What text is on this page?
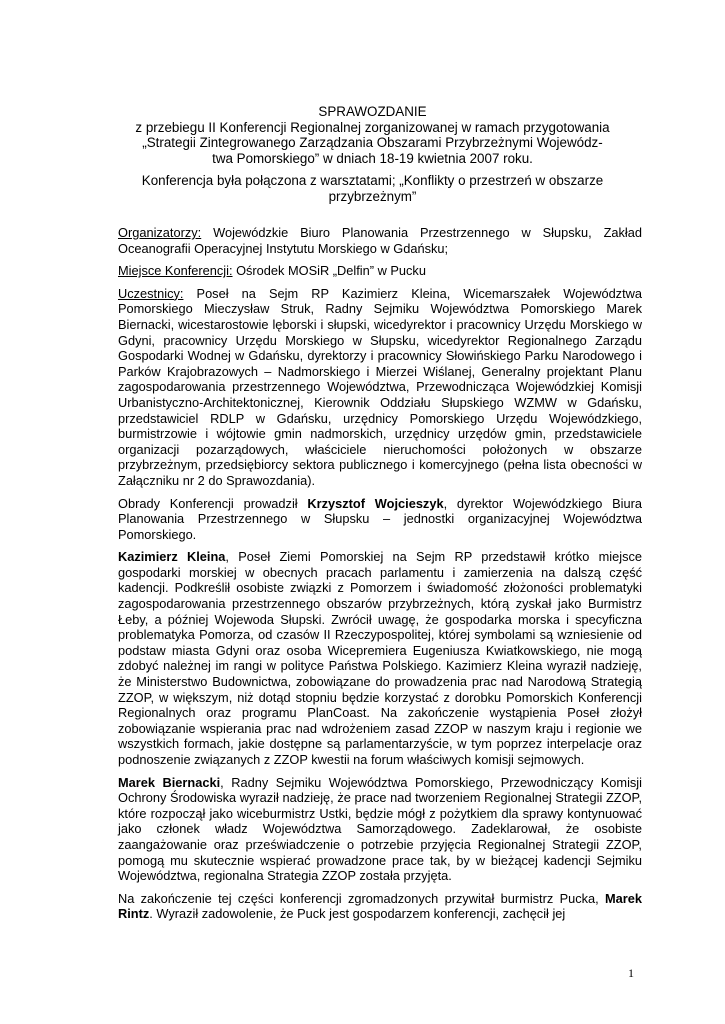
SPRAWOZDANIE

z przebiegu II Konferencji Regionalnej zorganizowanej w ramach przygotowania

„Strategii Zintegrowanego Zarządzania Obszarami Przybrzeżnymi Wojewódz-

twa Pomorskiego” w dniach 18-19 kwietnia 2007 roku.

Konferencja była połączona z warsztatami; „Konflikty o przestrzeń w obszarze

przybrzeżnym”

Organizatorzy: Wojewódzkie Biuro Planowania Przestrzennego w Słupsku, Zakład Oceanografii Operacyjnej Instytutu Morskiego w Gdańsku;

Miejsce Konferencji: Ośrodek MOSiR „Delfin” w Pucku

Uczestnicy: Poseł na Sejm RP Kazimierz Kleina, Wicemarszałek Województwa Pomorskiego Mieczysław Struk, Radny Sejmiku Województwa Pomorskiego Marek Biernacki, wicestarostowie lęborski i słupski, wicedyrektor i pracownicy Urzędu Morskiego w Gdyni, pracownicy Urzędu Morskiego w Słupsku, wicedyrektor Regionalnego Zarządu Gospodarki Wodnej w Gdańsku, dyrektorzy i pracownicy Słowińskiego Parku Narodowego i Parków Krajobrazowych – Nadmorskiego i Mierzei Wiślanej, Generalny projektant Planu zagospodarowania przestrzennego Województwa, Przewodnicząca Wojewódzkiej Komisji Urbanistyczno-Architektonicznej, Kierownik Oddziału Słupskiego WZMW w Gdańsku, przedstawiciel RDLP w Gdańsku, urzędnicy Pomorskiego Urzędu Wojewódzkiego, burmistrzowie i wójtowie gmin nadmorskich, urzędnicy urzędów gmin, przedstawiciele organizacji pozarządowych, właściciele nieruchomości położonych w obszarze przybrzeżnym, przedsiębiorcy sektora publicznego i komercyjnego (pełna lista obecności w Załączniku nr 2 do Sprawozdania).

Obrady Konferencji prowadził Krzysztof Wojcieszyk, dyrektor Wojewódzkiego Biura Planowania Przestrzennego w Słupsku – jednostki organizacyjnej Województwa Pomorskiego.

Kazimierz Kleina, Poseł Ziemi Pomorskiej na Sejm RP przedstawił krótko miejsce gospodarki morskiej w obecnych pracach parlamentu i zamierzenia na dalszą część kadencji. Podkreślił osobiste związki z Pomorzem i świadomość złożoności problematyki zagospodarowania przestrzennego obszarów przybrzeżnych, którą zyskał jako Burmistrz Łeby, a później Wojewoda Słupski. Zwrócił uwagę, że gospodarka morska i specyficzna problematyka Pomorza, od czasów II Rzeczypospolitej, której symbolami są wzniesienie od podstaw miasta Gdyni oraz osoba Wicepremiera Eugeniusza Kwiatkowskiego, nie mogą zdobyć należnej im rangi w polityce Państwa Polskiego. Kazimierz Kleina wyraził nadzieję, że Ministerstwo Budownictwa, zobowiązane do prowadzenia prac nad Narodową Strategią ZZOP, w większym, niż dotąd stopniu będzie korzystać z dorobku Pomorskich Konferencji Regionalnych oraz programu PlanCoast. Na zakończenie wystąpienia Poseł złożył zobowiązanie wspierania prac nad wdrożeniem zasad ZZOP w naszym kraju i regionie we wszystkich formach, jakie dostępne są parlamentarzyście, w tym poprzez interpelacje oraz podnoszenie związanych z ZZOP kwestii na forum właściwych komisji sejmowych.

Marek Biernacki, Radny Sejmiku Województwa Pomorskiego, Przewodniczący Komisji Ochrony Środowiska wyraził nadzieję, że prace nad tworzeniem Regionalnej Strategii ZZOP, które rozpoczął jako wiceburmistrz Ustki, będzie mógł z pożytkiem dla sprawy kontynuować jako członek władz Województwa Samorządowego. Zadeklarował, że osobiste zaangażowanie oraz przeświadczenie o potrzebie przyjęcia Regionalnej Strategii ZZOP, pomogą mu skutecznie wspierać prowadzone prace tak, by w bieżącej kadencji Sejmiku Województwa, regionalna Strategia ZZOP została przyjęta.

Na zakończenie tej części konferencji zgromadzonych przywitał burmistrz Pucka, Marek Rintz. Wyraził zadowolenie, że Puck jest gospodarzem konferencji, zachęcił jej

1
